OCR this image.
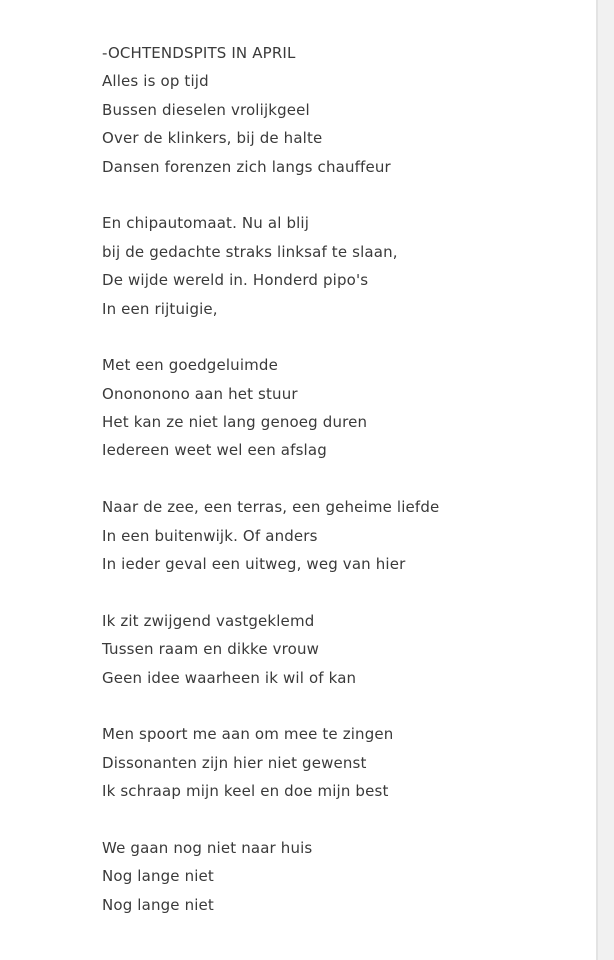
-OCHTENDSPITS IN APRIL
Alles is op tijd
Bussen dieselen vrolijkgeel
Over de klinkers, bij de halte
Dansen forenzen zich langs chauffeur
En chipautomaat. Nu al blij
bij de gedachte straks linksaf te slaan,
De wijde wereld in. Honderd pipo's
In een rijtuigie,
Met een goedgeluimde
Onononono aan het stuur
Het kan ze niet lang genoeg duren
Iedereen weet wel een afslag
Naar de zee, een terras, een geheime liefde
In een buitenwijk. Of anders
In ieder geval een uitweg, weg van hier
Ik zit zwijgend vastgeklemd
Tussen raam en dikke vrouw
Geen idee waarheen ik wil of kan
Men spoort me aan om mee te zingen
Dissonanten zijn hier niet gewenst
Ik schraap mijn keel en doe mijn best
We gaan nog niet naar huis
Nog lange niet
Nog lange niet
